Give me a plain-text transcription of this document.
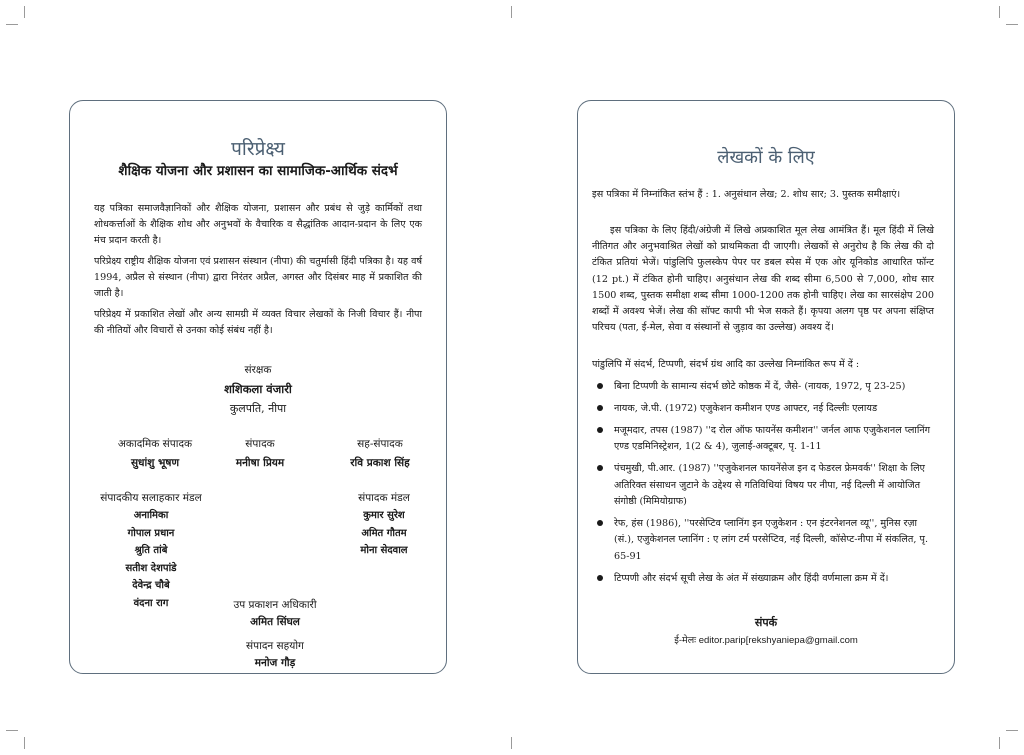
परिप्रेक्ष्य
शैक्षिक योजना और प्रशासन का सामाजिक-आर्थिक संदर्भ
यह पत्रिका समाजवैज्ञानिकों और शैक्षिक योजना, प्रशासन और प्रबंध से जुड़े कार्मिकों तथा शोधकर्त्ताओं के शैक्षिक शोध और अनुभवों के वैचारिक व सैद्धांतिक आदान-प्रदान के लिए एक मंच प्रदान करती है।
परिप्रेक्ष्य राष्ट्रीय शैक्षिक योजना एवं प्रशासन संस्थान (नीपा) की चतुर्मासी हिंदी पत्रिका है। यह वर्ष 1994, अप्रैल से संस्थान (नीपा) द्वारा निरंतर अप्रैल, अगस्त और दिसंबर माह में प्रकाशित की जाती है।
परिप्रेक्ष्य में प्रकाशित लेखों और अन्य सामग्री में व्यक्त विचार लेखकों के निजी विचार हैं। नीपा की नीतियों और विचारों से उनका कोई संबंध नहीं है।
संरक्षक
शशिकला वंजारी
कुलपति, नीपा
अकादमिक संपादक
सुधांशु भूषण
संपादक
मनीषा प्रियम
सह-संपादक
रवि प्रकाश सिंह
संपादकीय सलाहकार मंडल
अनामिका
गोपाल प्रधान
श्रुति तांबे
सतीश देशपांडे
देवेन्द्र चौबे
वंदना राग
संपादक मंडल
कुमार सुरेश
अमित गौतम
मोना सेदवाल
उप प्रकाशन अधिकारी
अमित सिंघल
संपादन सहयोग
मनोज गौड़
लेखकों के लिए
इस पत्रिका में निम्नांकित स्तंभ हैं : 1. अनुसंधान लेख; 2. शोध सार; 3. पुस्तक समीक्षाएं।
इस पत्रिका के लिए हिंदी/अंग्रेजी में लिखे अप्रकाशित मूल लेख आमंत्रित हैं। मूल हिंदी में लिखे नीतिगत और अनुभवाश्रित लेखों को प्राथमिकता दी जाएगी। लेखकों से अनुरोध है कि लेख की दो टंकित प्रतियां भेजें। पांडुलिपि फुलस्केप पेपर पर डबल स्पेस में एक ओर यूनिकोड आधारित फॉन्ट (12 pt.) में टंकित होनी चाहिए। अनुसंधान लेख की शब्द सीमा 6,500 से 7,000, शोध सार 1500 शब्द, पुस्तक समीक्षा शब्द सीमा 1000-1200 तक होनी चाहिए। लेख का सारसंक्षेप 200 शब्दों में अवश्य भेजें। लेख की सॉफ्ट कापी भी भेज सकते हैं। कृपया अलग पृष्ठ पर अपना संक्षिप्त परिचय (पता, ई-मेल, सेवा व संस्थानों से जुड़ाव का उल्लेख) अवश्य दें।
पांडुलिपि में संदर्भ, टिप्पणी, संदर्भ ग्रंथ आदि का उल्लेख निम्नांकित रूप में दें :
बिना टिप्पणी के सामान्य संदर्भ छोटे कोष्ठक में दें, जैसे- (नायक, 1972, पृ 23-25)
नायक, जे.पी. (1972) एजुकेशन कमीशन एण्ड आफ्टर, नई दिल्लीः एलायड
मजूमदार, तपस (1987) ''द रोल ऑफ फायनेंस कमीशन'' जर्नल आफ एजुकेशनल प्लानिंग एण्ड एडमिनिस्ट्रेशन, 1(2 & 4), जुलाई-अक्टूबर, पृ. 1-11
पंचमुखी, पी.आर. (1987) ''एजुकेशनल फायनेंसेज इन द फेडरल फ्रेमवर्क'' शिक्षा के लिए अतिरिक्त संसाधन जुटाने के उद्देश्य से गतिविधियां विषय पर नीपा, नई दिल्ली में आयोजित संगोष्ठी (मिमियोग्राफ)
रेफ, हंस (1986), ''परसेप्टिव प्लानिंग इन एजुकेशन : एन इंटरनेशनल व्यू'', मुनिस रज़ा (सं.), एजुकेशनल प्लानिंग : ए लांग टर्म परसेप्टिव, नई दिल्ली, कॉसेप्ट-नीपा में संकलित, पृ. 65-91
टिप्पणी और संदर्भ सूची लेख के अंत में संख्याक्रम और हिंदी वर्णमाला क्रम में दें।
संपर्क
ई-मेलः editor.parip[rekshyaniepa@gmail.com
